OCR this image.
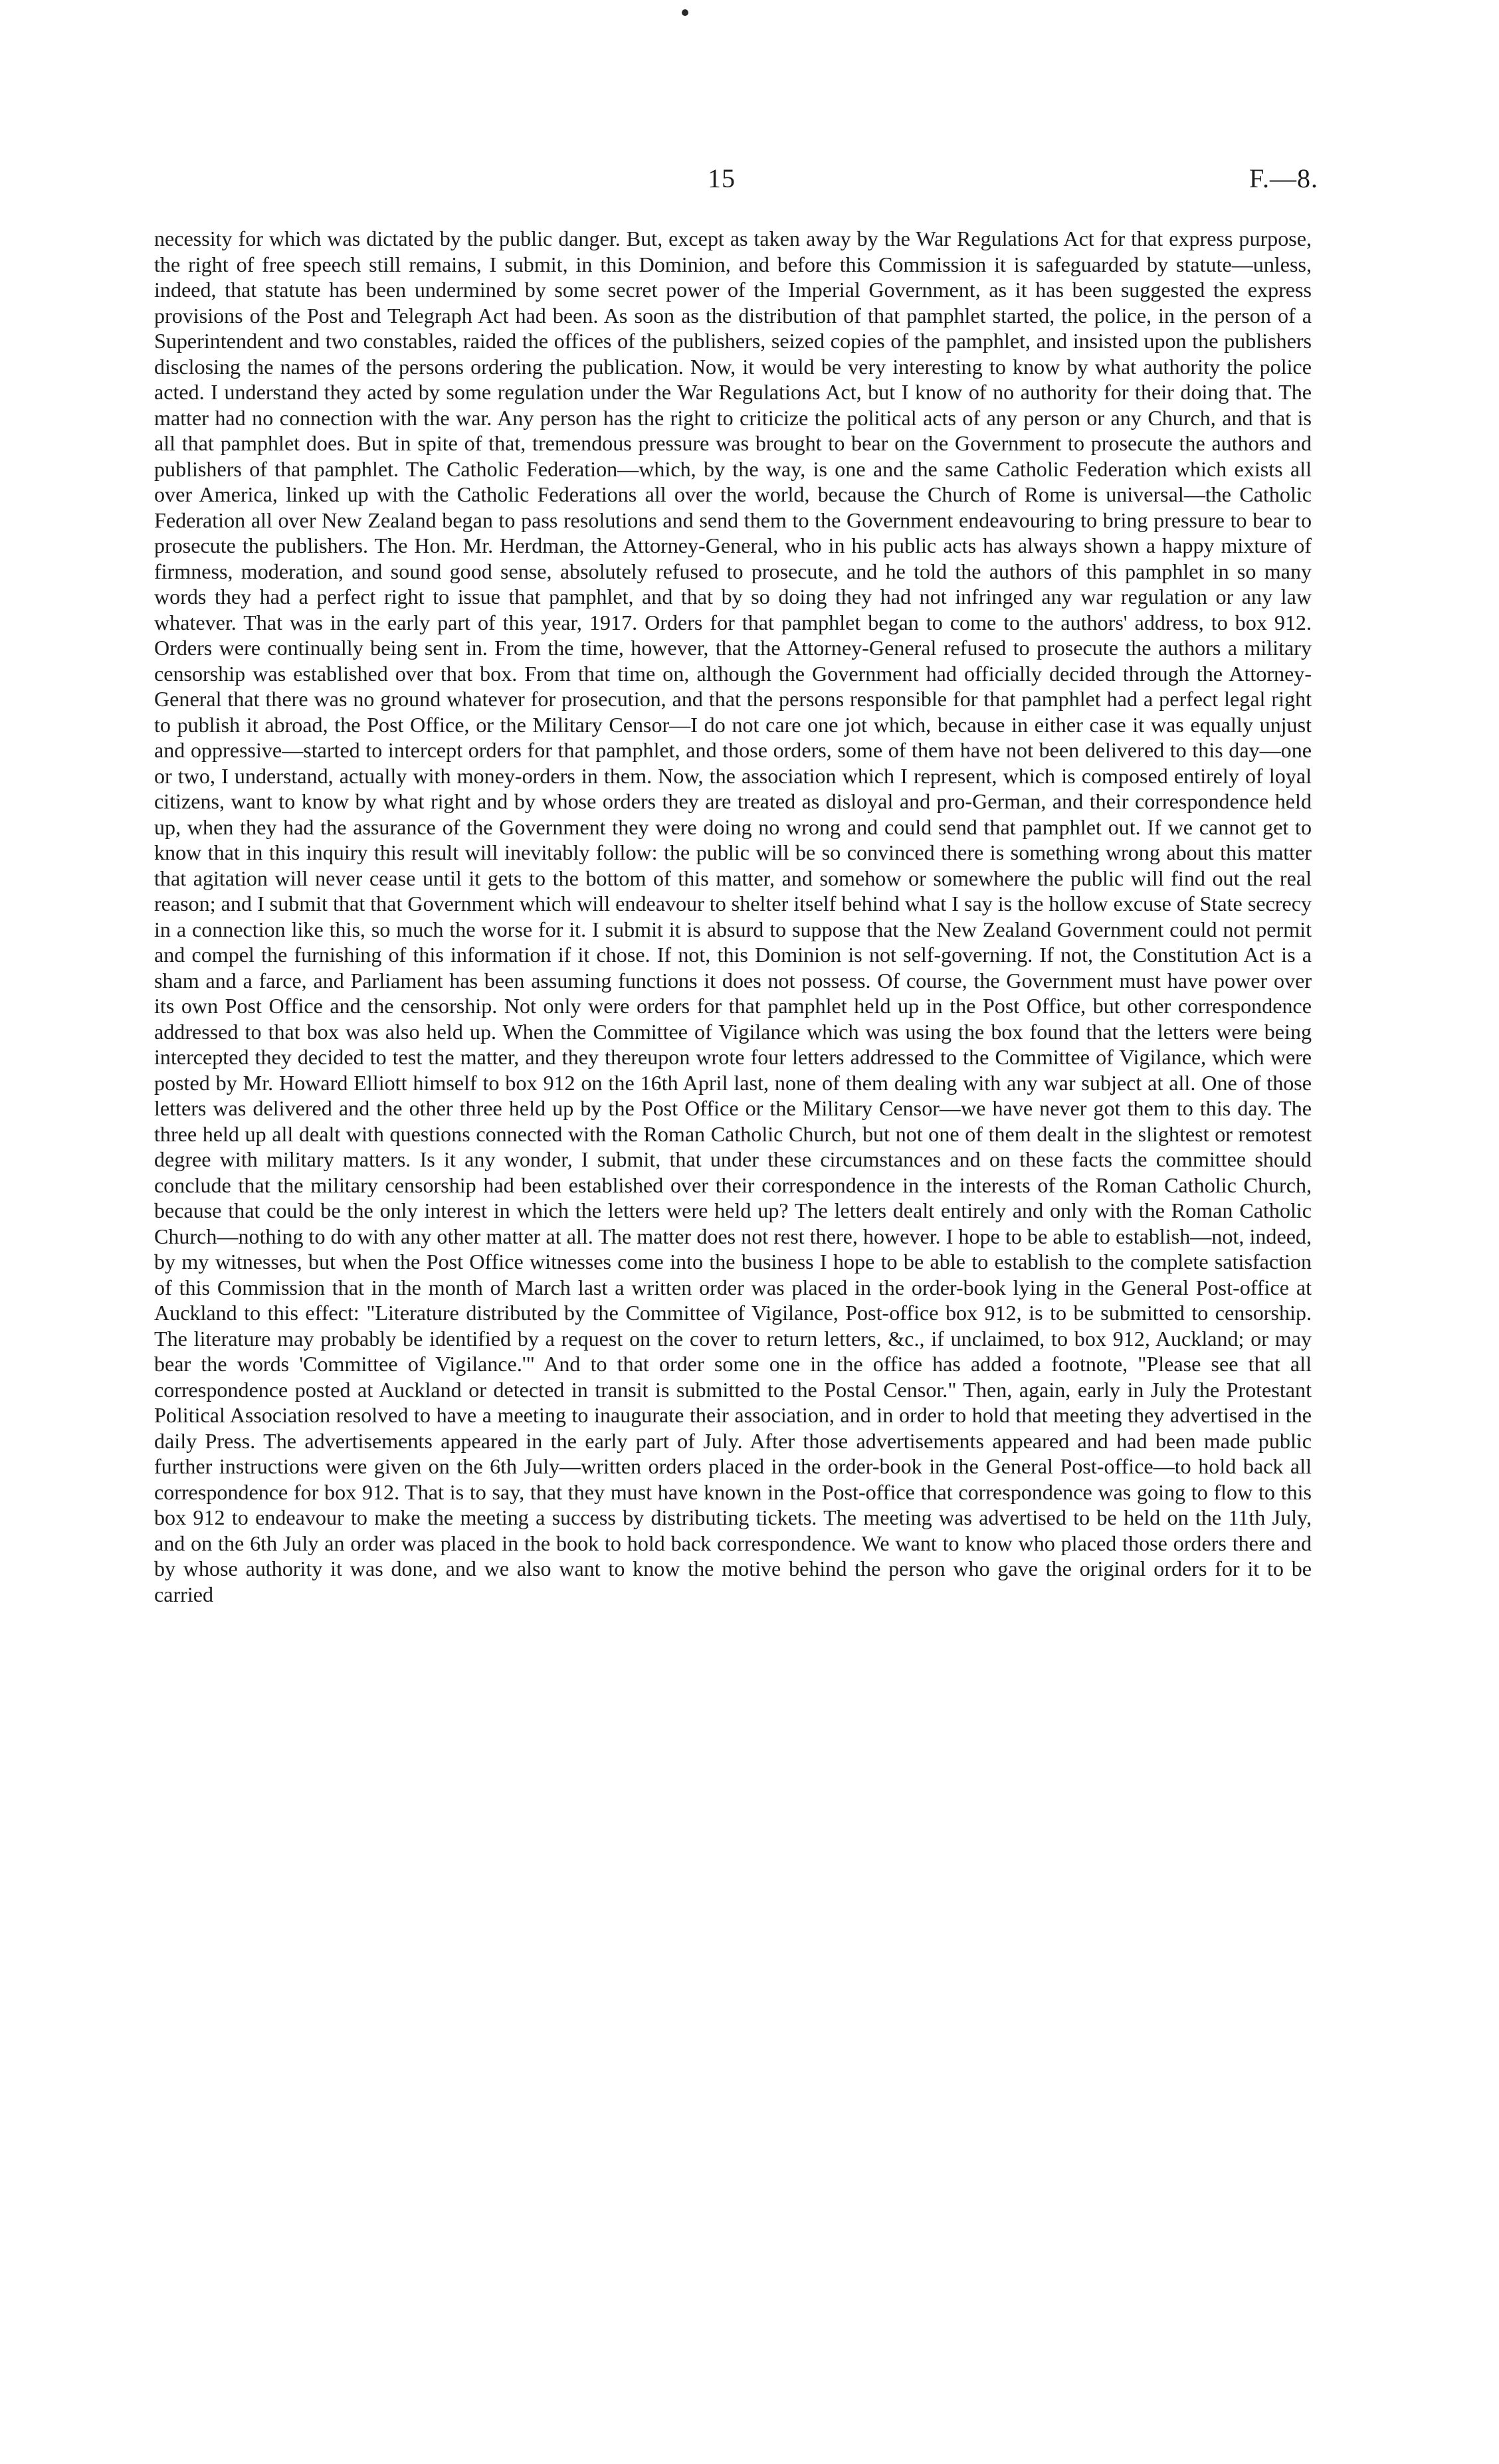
15	F.—8.

necessity for which was dictated by the public danger. But, except as taken away by the War Regulations Act for that express purpose, the right of free speech still remains, I submit, in this Dominion, and before this Commission it is safeguarded by statute—unless, indeed, that statute has been undermined by some secret power of the Imperial Government, as it has been suggested the express provisions of the Post and Telegraph Act had been. As soon as the distribution of that pamphlet started, the police, in the person of a Superintendent and two constables, raided the offices of the publishers, seized copies of the pamphlet, and insisted upon the publishers disclosing the names of the persons ordering the publication. Now, it would be very interesting to know by what authority the police acted. I understand they acted by some regulation under the War Regulations Act, but I know of no authority for their doing that. The matter had no connection with the war. Any person has the right to criticize the political acts of any person or any Church, and that is all that pamphlet does. But in spite of that, tremendous pressure was brought to bear on the Government to prosecute the authors and publishers of that pamphlet. The Catholic Federation—which, by the way, is one and the same Catholic Federation which exists all over America, linked up with the Catholic Federations all over the world, because the Church of Rome is universal—the Catholic Federation all over New Zealand began to pass resolutions and send them to the Government endeavouring to bring pressure to bear to prosecute the publishers. The Hon. Mr. Herdman, the Attorney-General, who in his public acts has always shown a happy mixture of firmness, moderation, and sound good sense, absolutely refused to prosecute, and he told the authors of this pamphlet in so many words they had a perfect right to issue that pamphlet, and that by so doing they had not infringed any war regulation or any law whatever. That was in the early part of this year, 1917. Orders for that pamphlet began to come to the authors' address, to box 912. Orders were continually being sent in. From the time, however, that the Attorney-General refused to prosecute the authors a military censorship was established over that box. From that time on, although the Government had officially decided through the Attorney-General that there was no ground whatever for prosecution, and that the persons responsible for that pamphlet had a perfect legal right to publish it abroad, the Post Office, or the Military Censor—I do not care one jot which, because in either case it was equally unjust and oppressive—started to intercept orders for that pamphlet, and those orders, some of them have not been delivered to this day—one or two, I understand, actually with money-orders in them. Now, the association which I represent, which is composed entirely of loyal citizens, want to know by what right and by whose orders they are treated as disloyal and pro-German, and their correspondence held up, when they had the assurance of the Government they were doing no wrong and could send that pamphlet out. If we cannot get to know that in this inquiry this result will inevitably follow: the public will be so convinced there is something wrong about this matter that agitation will never cease until it gets to the bottom of this matter, and somehow or somewhere the public will find out the real reason; and I submit that that Government which will endeavour to shelter itself behind what I say is the hollow excuse of State secrecy in a connection like this, so much the worse for it. I submit it is absurd to suppose that the New Zealand Government could not permit and compel the furnishing of this information if it chose. If not, this Dominion is not self-governing. If not, the Constitution Act is a sham and a farce, and Parliament has been assuming functions it does not possess. Of course, the Government must have power over its own Post Office and the censorship. Not only were orders for that pamphlet held up in the Post Office, but other correspondence addressed to that box was also held up. When the Committee of Vigilance which was using the box found that the letters were being intercepted they decided to test the matter, and they thereupon wrote four letters addressed to the Committee of Vigilance, which were posted by Mr. Howard Elliott himself to box 912 on the 16th April last, none of them dealing with any war subject at all. One of those letters was delivered and the other three held up by the Post Office or the Military Censor—we have never got them to this day. The three held up all dealt with questions connected with the Roman Catholic Church, but not one of them dealt in the slightest or remotest degree with military matters. Is it any wonder, I submit, that under these circumstances and on these facts the committee should conclude that the military censorship had been established over their correspondence in the interests of the Roman Catholic Church, because that could be the only interest in which the letters were held up? The letters dealt entirely and only with the Roman Catholic Church—nothing to do with any other matter at all. The matter does not rest there, however. I hope to be able to establish—not, indeed, by my witnesses, but when the Post Office witnesses come into the business I hope to be able to establish to the complete satisfaction of this Commission that in the month of March last a written order was placed in the order-book lying in the General Post-office at Auckland to this effect: "Literature distributed by the Committee of Vigilance, Post-office box 912, is to be submitted to censorship. The literature may probably be identified by a request on the cover to return letters, &c., if unclaimed, to box 912, Auckland; or may bear the words 'Committee of Vigilance.'" And to that order some one in the office has added a footnote, "Please see that all correspondence posted at Auckland or detected in transit is submitted to the Postal Censor." Then, again, early in July the Protestant Political Association resolved to have a meeting to inaugurate their association, and in order to hold that meeting they advertised in the daily Press. The advertisements appeared in the early part of July. After those advertisements appeared and had been made public further instructions were given on the 6th July—written orders placed in the order-book in the General Post-office—to hold back all correspondence for box 912. That is to say, that they must have known in the Post-office that correspondence was going to flow to this box 912 to endeavour to make the meeting a success by distributing tickets. The meeting was advertised to be held on the 11th July, and on the 6th July an order was placed in the book to hold back correspondence. We want to know who placed those orders there and by whose authority it was done, and we also want to know the motive behind the person who gave the original orders for it to be carried
